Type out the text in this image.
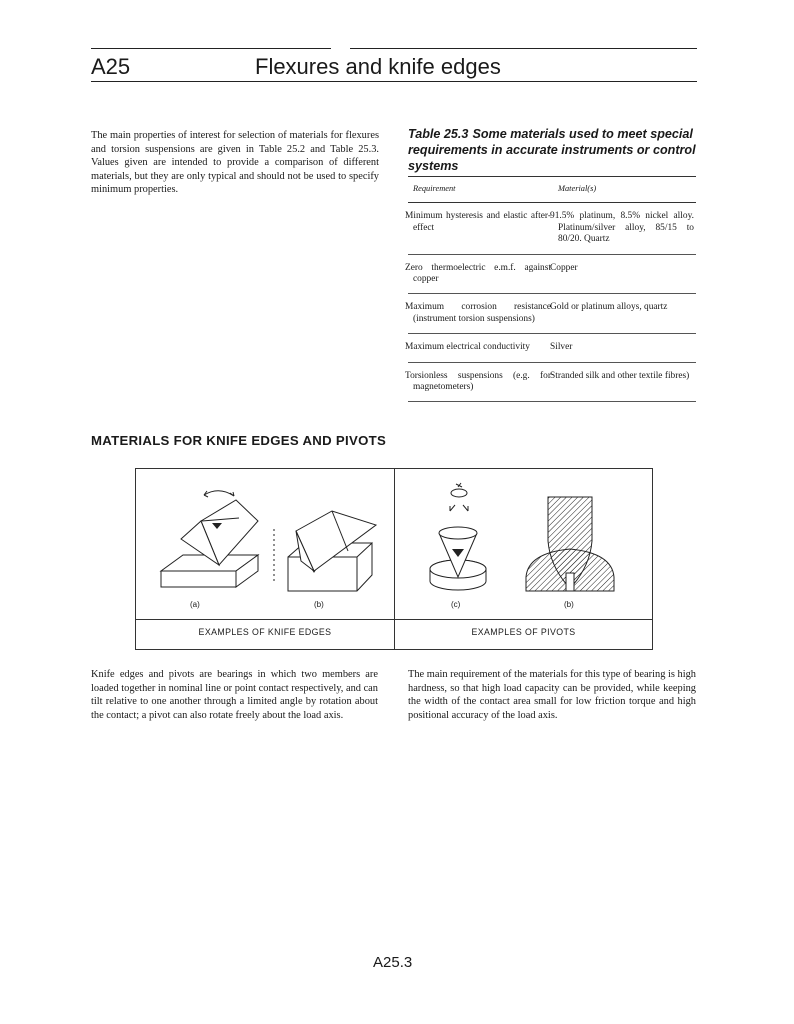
A25	Flexures and knife edges
The main properties of interest for selection of materials for flexures and torsion suspensions are given in Table 25.2 and Table 25.3. Values given are intended to provide a comparison of different materials, but they are only typical and should not be used to specify minimum properties.
Table 25.3 Some materials used to meet special requirements in accurate instruments or control systems
Requirement	Material(s)
Minimum hysteresis and elastic after-effect	91.5% platinum, 8.5% nickel alloy. Platinum/silver alloy, 85/15 to 80/20. Quartz
Zero thermoelectric e.m.f. against copper	Copper
Maximum corrosion resistance (instrument torsion suspensions)	Gold or platinum alloys, quartz
Maximum electrical conductivity	Silver
Torsionless suspensions (e.g. for magnetometers)	Stranded silk and other textile fibres)
MATERIALS FOR KNIFE EDGES AND PIVOTS
(a)	(b)	(c)	(b)
EXAMPLES OF KNIFE EDGES	EXAMPLES OF PIVOTS
Knife edges and pivots are bearings in which two members are loaded together in nominal line or point contact respectively, and can tilt relative to one another through a limited angle by rotation about the contact; a pivot can also rotate freely about the load axis.
The main requirement of the materials for this type of bearing is high hardness, so that high load capacity can be provided, while keeping the width of the contact area small for low friction torque and high positional accuracy of the load axis.
A25.3
